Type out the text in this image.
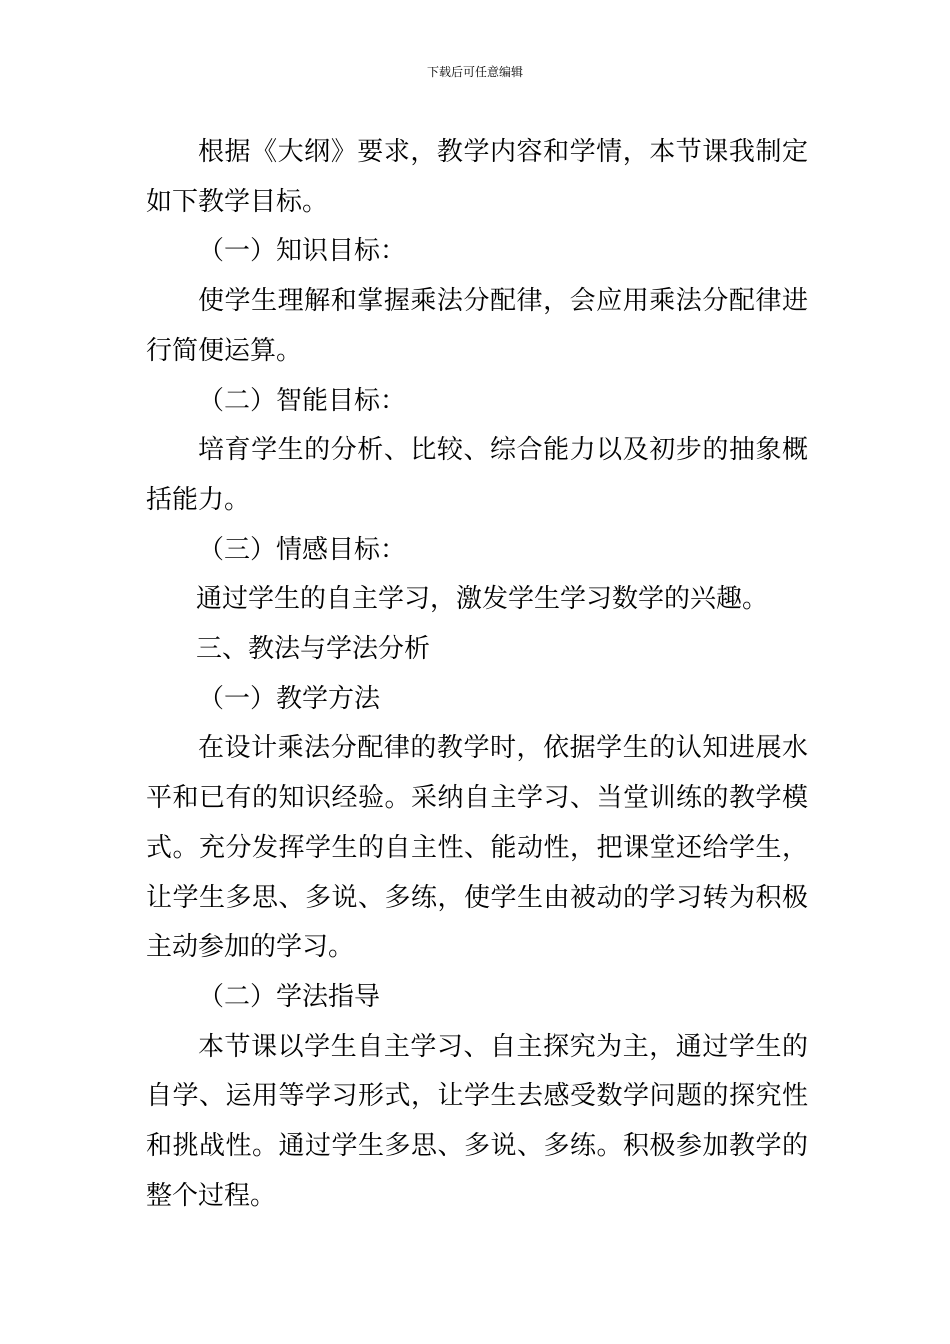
下载后可任意编辑

根据《大纲》要求，教学内容和学情，本节课我制定如下教学目标。

（一）知识目标：

使学生理解和掌握乘法分配律，会应用乘法分配律进行简便运算。

（二）智能目标：

培育学生的分析、比较、综合能力以及初步的抽象概括能力。

（三）情感目标：

通过学生的自主学习，激发学生学习数学的兴趣。

三、教法与学法分析

（一）教学方法

在设计乘法分配律的教学时，依据学生的认知进展水平和已有的知识经验。采纳自主学习、当堂训练的教学模式。充分发挥学生的自主性、能动性，把课堂还给学生，让学生多思、多说、多练，使学生由被动的学习转为积极主动参加的学习。

（二）学法指导

本节课以学生自主学习、自主探究为主，通过学生的自学、运用等学习形式，让学生去感受数学问题的探究性和挑战性。通过学生多思、多说、多练。积极参加教学的整个过程。
